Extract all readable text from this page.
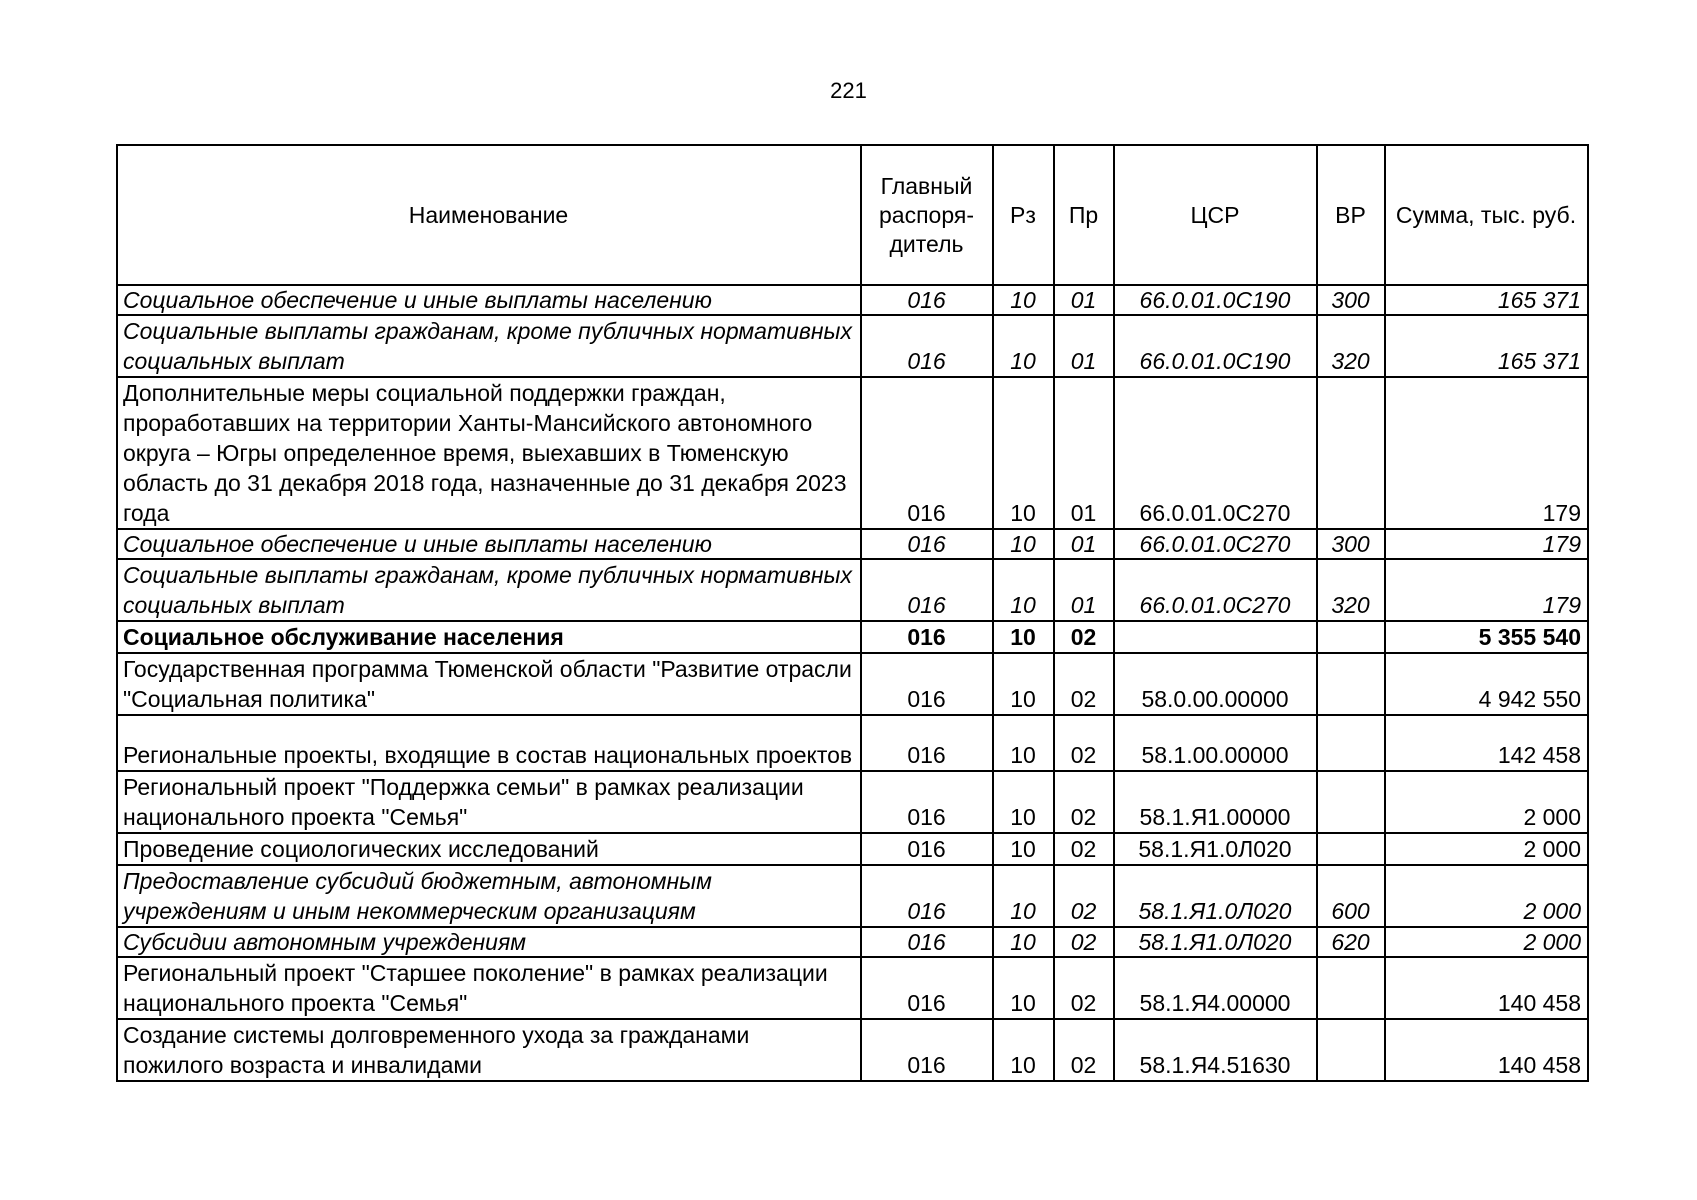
221
Наименование	Главный распоря-дитель	Рз	Пр	ЦСР	ВР	Сумма, тыс. руб.
Социальное обеспечение и иные выплаты населению	016	10	01	66.0.01.0С190	300	165 371
Социальные выплаты гражданам, кроме публичных нормативных социальных выплат	016	10	01	66.0.01.0С190	320	165 371
Дополнительные меры социальной поддержки граждан, проработавших на территории Ханты-Мансийского автономного округа – Югры определенное время, выехавших в Тюменскую область до 31 декабря 2018 года, назначенные до 31 декабря 2023 года	016	10	01	66.0.01.0С270		179
Социальное обеспечение и иные выплаты населению	016	10	01	66.0.01.0С270	300	179
Социальные выплаты гражданам, кроме публичных нормативных социальных выплат	016	10	01	66.0.01.0С270	320	179
Социальное обслуживание населения	016	10	02			5 355 540
Государственная программа Тюменской области "Развитие отрасли "Социальная политика"	016	10	02	58.0.00.00000		4 942 550
Региональные проекты, входящие в состав национальных проектов	016	10	02	58.1.00.00000		142 458
Региональный проект "Поддержка семьи" в рамках реализации национального проекта "Семья"	016	10	02	58.1.Я1.00000		2 000
Проведение социологических исследований	016	10	02	58.1.Я1.0Л020		2 000
Предоставление субсидий бюджетным, автономным учреждениям и иным некоммерческим организациям	016	10	02	58.1.Я1.0Л020	600	2 000
Субсидии автономным учреждениям	016	10	02	58.1.Я1.0Л020	620	2 000
Региональный проект "Старшее поколение" в рамках реализации национального проекта "Семья"	016	10	02	58.1.Я4.00000		140 458
Создание системы долговременного ухода за гражданами пожилого возраста и инвалидами	016	10	02	58.1.Я4.51630		140 458
